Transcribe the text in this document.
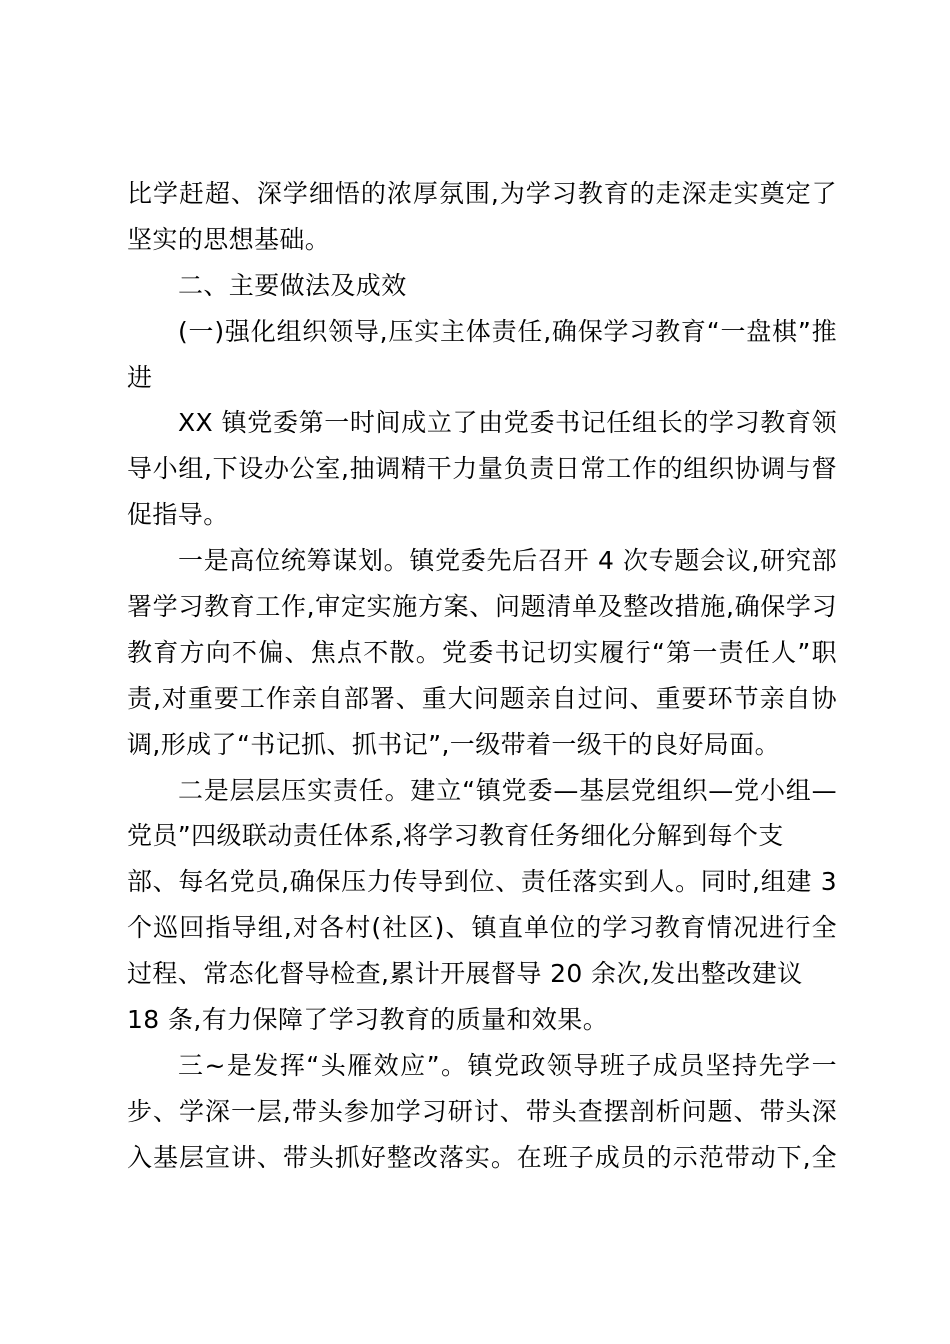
比学赶超、深学细悟的浓厚氛围,为学习教育的走深走实奠定了
坚实的思想基础。
二、主要做法及成效
(一)强化组织领导,压实主体责任,确保学习教育“一盘棋”推
进
XX 镇党委第一时间成立了由党委书记任组长的学习教育领
导小组,下设办公室,抽调精干力量负责日常工作的组织协调与督
促指导。
一是高位统筹谋划。镇党委先后召开 4 次专题会议,研究部
署学习教育工作,审定实施方案、问题清单及整改措施,确保学习
教育方向不偏、焦点不散。党委书记切实履行“第一责任人”职
责,对重要工作亲自部署、重大问题亲自过问、重要环节亲自协
调,形成了“书记抓、抓书记”,一级带着一级干的良好局面。
二是层层压实责任。建立“镇党委—基层党组织—党小组—
党员”四级联动责任体系,将学习教育任务细化分解到每个支
部、每名党员,确保压力传导到位、责任落实到人。同时,组建 3
个巡回指导组,对各村(社区)、镇直单位的学习教育情况进行全
过程、常态化督导检查,累计开展督导 20 余次,发出整改建议
18 条,有力保障了学习教育的质量和效果。
三~是发挥“头雁效应”。镇党政领导班子成员坚持先学一
步、学深一层,带头参加学习研讨、带头查摆剖析问题、带头深
入基层宣讲、带头抓好整改落实。在班子成员的示范带动下,全
